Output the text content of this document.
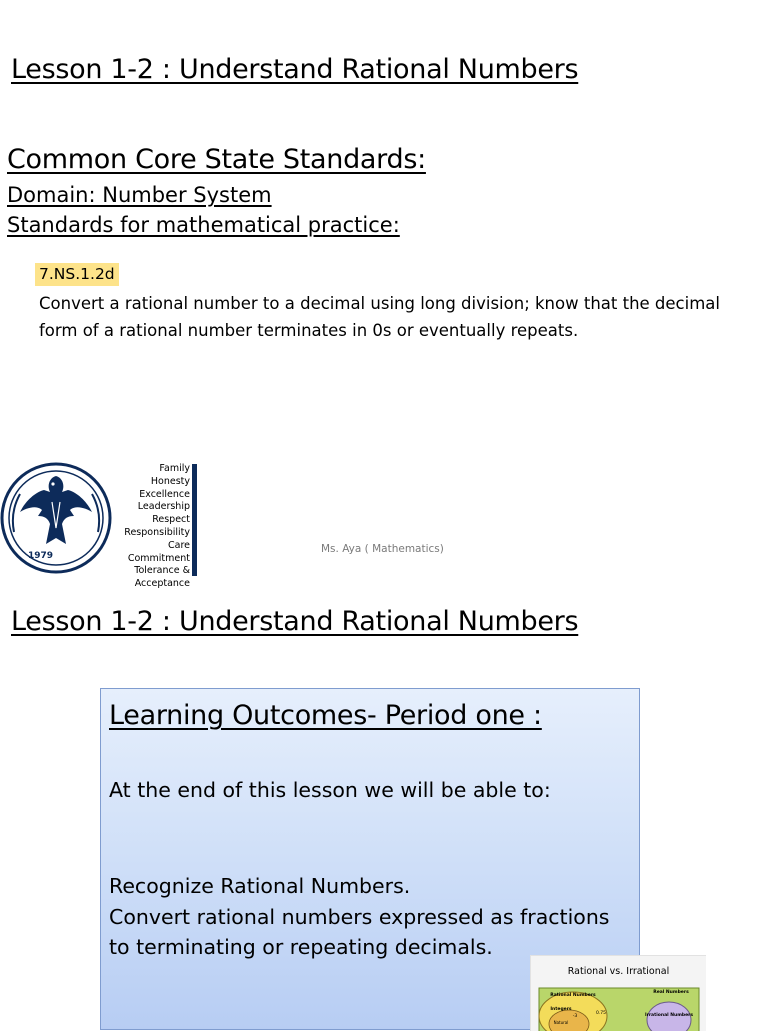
Lesson 1-2 : Understand Rational Numbers
Common Core State Standards:
Domain: Number System
Standards for mathematical practice:
7.NS.1.2d
Convert a rational number to a decimal using long division; know that the decimal form of a rational number terminates in 0s or eventually repeats.
1979
Family
Honesty
Excellence
Leadership
Respect
Responsibility
Care
Commitment
Tolerance & Acceptance
Ms. Aya ( Mathematics)
Lesson 1-2 : Understand Rational Numbers
Learning Outcomes- Period one :
At the end of this lesson we will be able to:
Recognize Rational Numbers.
Convert rational numbers expressed as fractions
to terminating or repeating decimals.
Rational vs. Irrational
Rational Numbers
Real Numbers
Integers
0.75
-3
Natural
Irrational Numbers
